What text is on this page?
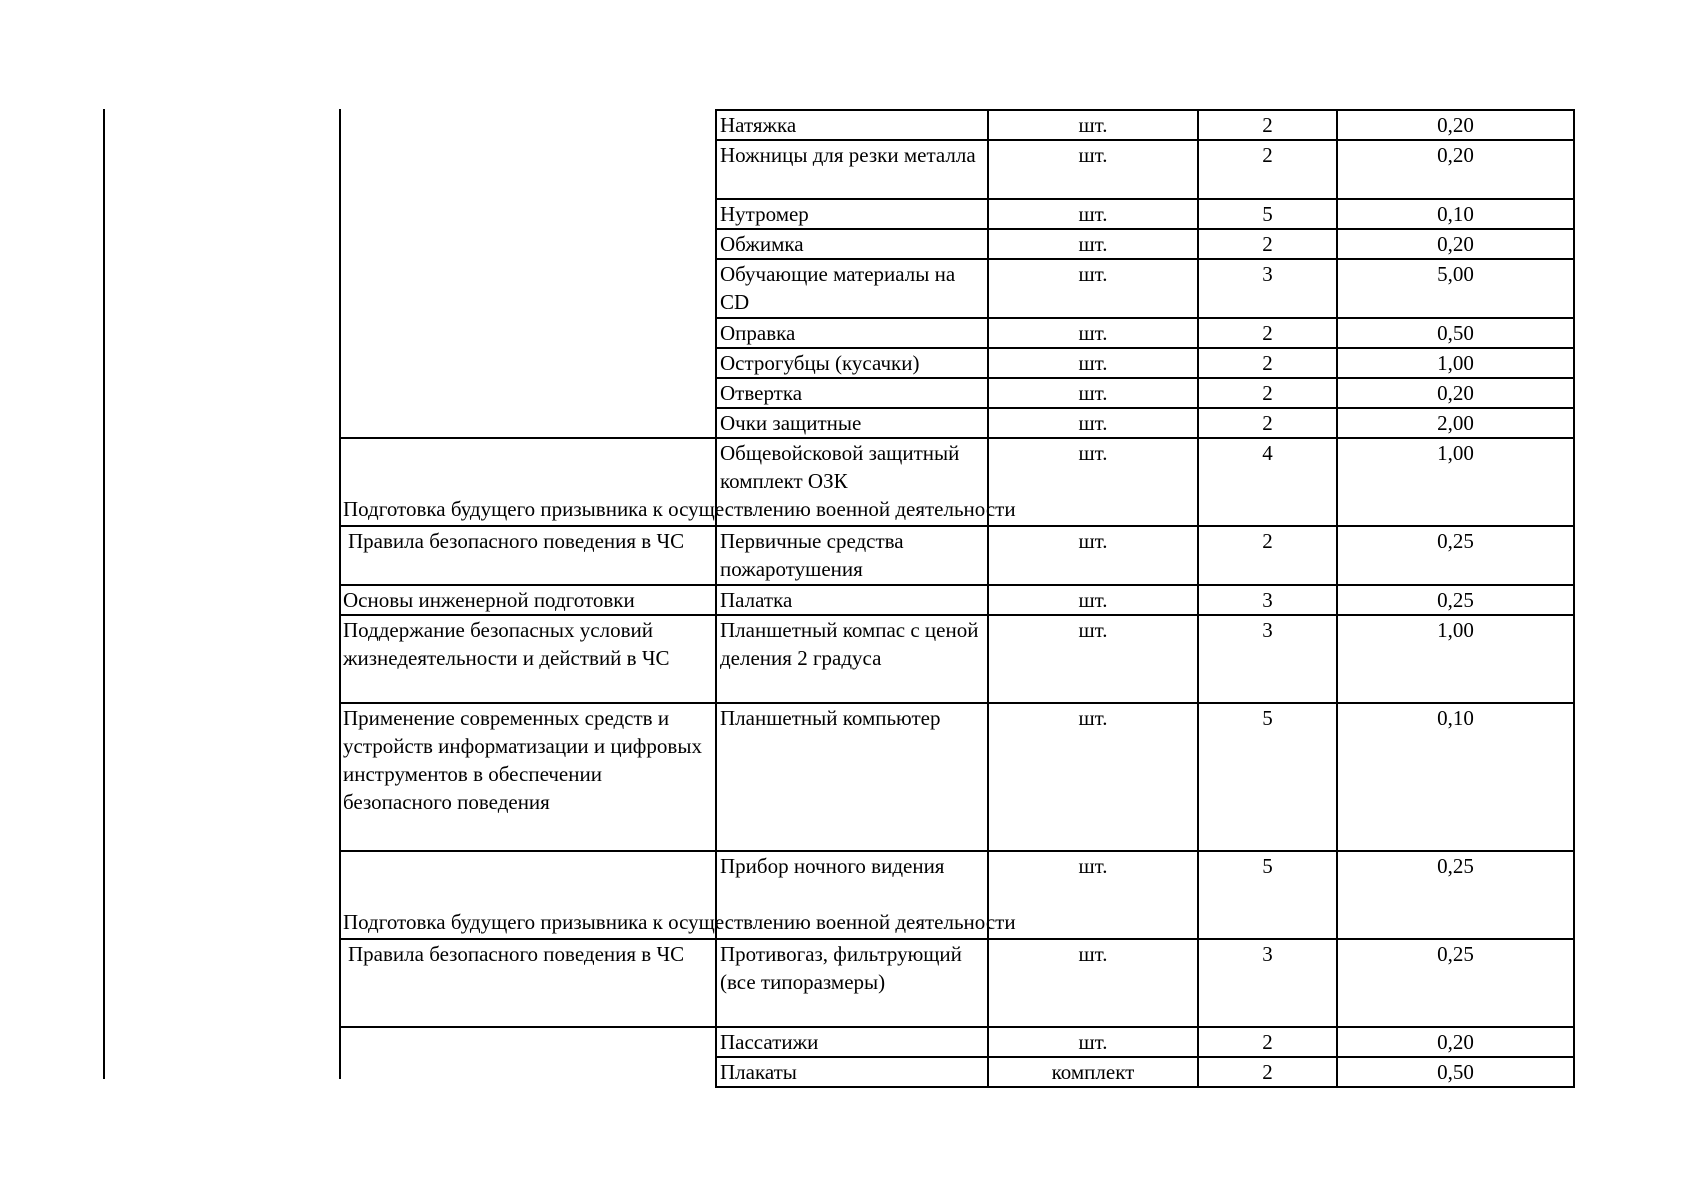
	Натяжка	шт.	2	0,20
	Ножницы для резки металла	шт.	2	0,20
	Нутромер	шт.	5	0,10
	Обжимка	шт.	2	0,20
	Обучающие материалы на CD	шт.	3	5,00
	Оправка	шт.	2	0,50
	Острогубцы (кусачки)	шт.	2	1,00
	Отвертка	шт.	2	0,20
	Очки защитные	шт.	2	2,00
Подготовка будущего призывника к осуществлению военной деятельности	Общевойсковой защитный комплект ОЗК	шт.	4	1,00
Правила безопасного поведения в ЧС	Первичные средства пожаротушения	шт.	2	0,25
Основы инженерной подготовки	Палатка	шт.	3	0,25
Поддержание безопасных условий жизнедеятельности и действий в ЧС	Планшетный компас с ценой деления 2 градуса	шт.	3	1,00
Применение современных средств и устройств информатизации и цифровых инструментов в обеспечении безопасного поведения	Планшетный компьютер	шт.	5	0,10
Подготовка будущего призывника к осуществлению военной деятельности	Прибор ночного видения	шт.	5	0,25
Правила безопасного поведения в ЧС	Противогаз, фильтрующий (все типоразмеры)	шт.	3	0,25
	Пассатижи	шт.	2	0,20
	Плакаты	комплект	2	0,50
